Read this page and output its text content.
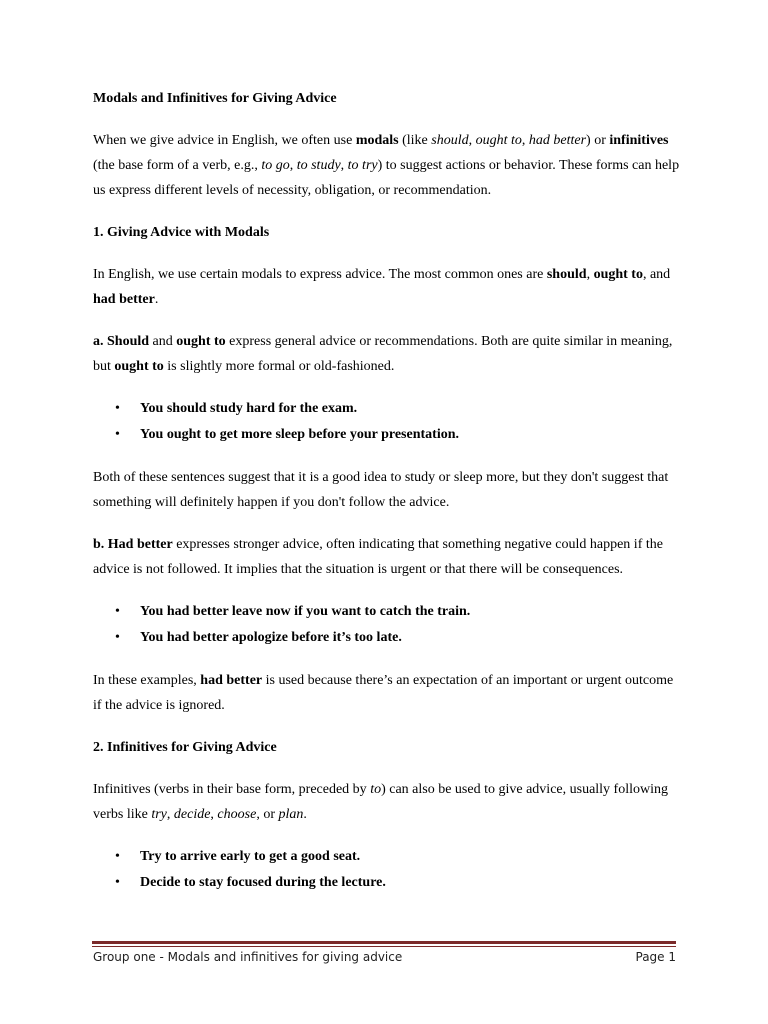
Modals and Infinitives for Giving Advice

When we give advice in English, we often use modals (like should, ought to, had better) or infinitives (the base form of a verb, e.g., to go, to study, to try) to suggest actions or behavior. These forms can help us express different levels of necessity, obligation, or recommendation.

1. Giving Advice with Modals

In English, we use certain modals to express advice. The most common ones are should, ought to, and had better.

a. Should and ought to express general advice or recommendations. Both are quite similar in meaning, but ought to is slightly more formal or old-fashioned.

• You should study hard for the exam.
• You ought to get more sleep before your presentation.

Both of these sentences suggest that it is a good idea to study or sleep more, but they don't suggest that something will definitely happen if you don't follow the advice.

b. Had better expresses stronger advice, often indicating that something negative could happen if the advice is not followed. It implies that the situation is urgent or that there will be consequences.

• You had better leave now if you want to catch the train.
• You had better apologize before it’s too late.

In these examples, had better is used because there’s an expectation of an important or urgent outcome if the advice is ignored.

2. Infinitives for Giving Advice

Infinitives (verbs in their base form, preceded by to) can also be used to give advice, usually following verbs like try, decide, choose, or plan.

• Try to arrive early to get a good seat.
• Decide to stay focused during the lecture.
Group one - Modals and infinitives for giving advice	Page 1
